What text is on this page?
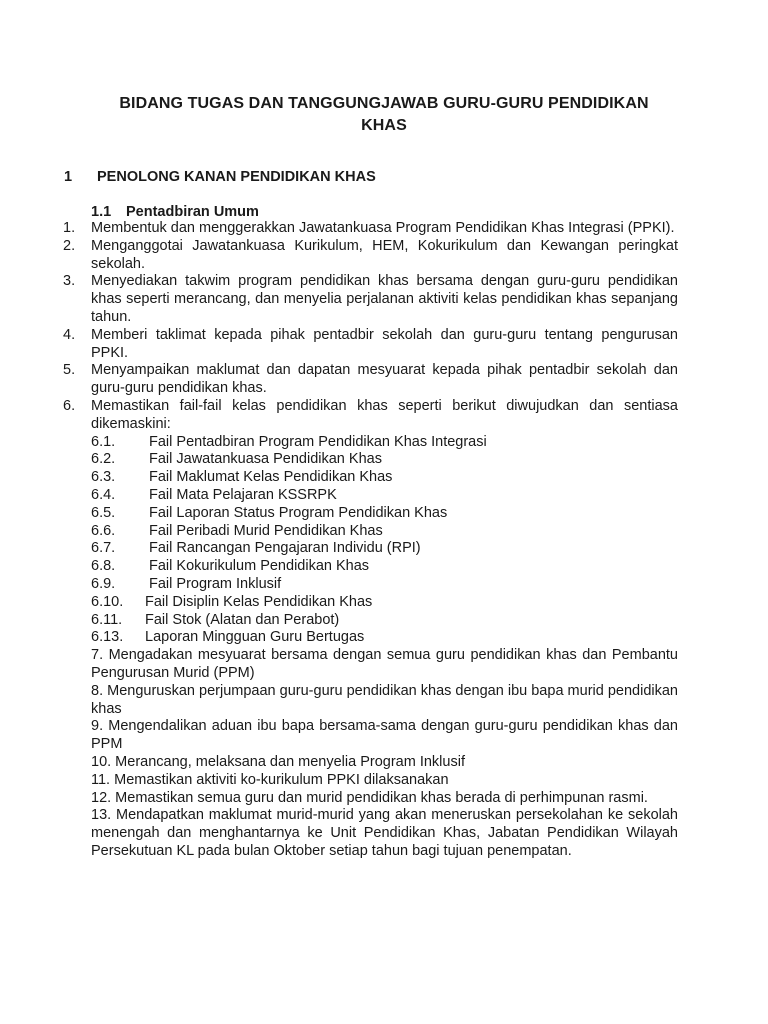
BIDANG TUGAS DAN TANGGUNGJAWAB GURU-GURU PENDIDIKAN
KHAS
1 PENOLONG KANAN PENDIDIKAN KHAS
1.1 Pentadbiran Umum
1. Membentuk dan menggerakkan Jawatankuasa Program Pendidikan Khas Integrasi (PPKI).
2. Menganggotai Jawatankuasa Kurikulum, HEM, Kokurikulum dan Kewangan peringkat sekolah.
3. Menyediakan takwim program pendidikan khas bersama dengan guru-guru pendidikan khas seperti merancang, dan menyelia perjalanan aktiviti kelas pendidikan khas sepanjang tahun.
4. Memberi taklimat kepada pihak pentadbir sekolah dan guru-guru tentang pengurusan PPKI.
5. Menyampaikan maklumat dan dapatan mesyuarat kepada pihak pentadbir sekolah dan guru-guru pendidikan khas.
6. Memastikan fail-fail kelas pendidikan khas seperti berikut diwujudkan dan sentiasa dikemaskini:
6.1. Fail Pentadbiran Program Pendidikan Khas Integrasi
6.2. Fail Jawatankuasa Pendidikan Khas
6.3. Fail Maklumat Kelas Pendidikan Khas
6.4. Fail Mata Pelajaran KSSRPK
6.5. Fail Laporan Status Program Pendidikan Khas
6.6. Fail Peribadi Murid Pendidikan Khas
6.7. Fail Rancangan Pengajaran Individu (RPI)
6.8. Fail Kokurikulum Pendidikan Khas
6.9. Fail Program Inklusif
6.10. Fail Disiplin Kelas Pendidikan Khas
6.11. Fail Stok (Alatan dan Perabot)
6.13. Laporan Mingguan Guru Bertugas
7. Mengadakan mesyuarat bersama dengan semua guru pendidikan khas dan Pembantu Pengurusan Murid (PPM)
8. Menguruskan perjumpaan guru-guru pendidikan khas dengan ibu bapa murid pendidikan khas
9. Mengendalikan aduan ibu bapa bersama-sama dengan guru-guru pendidikan khas dan PPM
10. Merancang, melaksana dan menyelia Program Inklusif
11. Memastikan aktiviti ko-kurikulum PPKI dilaksanakan
12. Memastikan semua guru dan murid pendidikan khas berada di perhimpunan rasmi.
13. Mendapatkan maklumat murid-murid yang akan meneruskan persekolahan ke sekolah menengah dan menghantarnya ke Unit Pendidikan Khas, Jabatan Pendidikan Wilayah Persekutuan KL pada bulan Oktober setiap tahun bagi tujuan penempatan.
